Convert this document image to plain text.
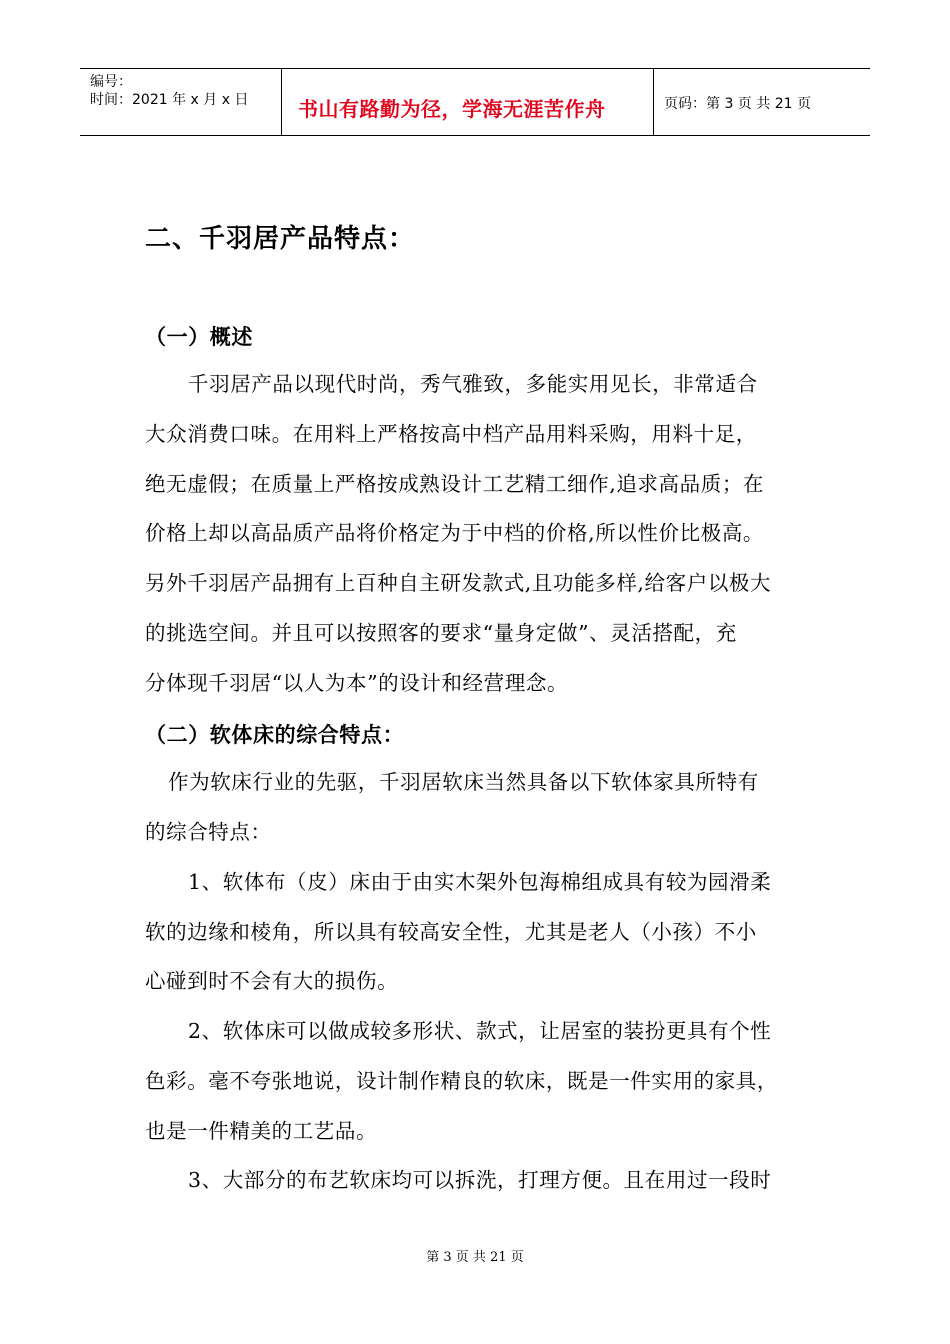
编号：
时间：2021 年 x 月 x 日 书山有路勤为径，学海无涯苦作舟	页码：第 3 页 共 21 页
二、千羽居产品特点：
（一）概述
千羽居产品以现代时尚，秀气雅致，多能实用见长，非常适合
大众消费口味。在用料上严格按高中档产品用料采购，用料十足，
绝无虚假；在质量上严格按成熟设计工艺精工细作,追求高品质；在
价格上却以高品质产品将价格定为于中档的价格,所以性价比极高。
另外千羽居产品拥有上百种自主研发款式,且功能多样,给客户以极大
的挑选空间。并且可以按照客的要求“量身定做”、灵活搭配，充
分体现千羽居“以人为本”的设计和经营理念。
（二）软体床的综合特点：
作为软床行业的先驱，千羽居软床当然具备以下软体家具所特有
的综合特点：
1、软体布（皮）床由于由实木架外包海棉组成具有较为园滑柔
软的边缘和棱角，所以具有较高安全性，尤其是老人（小孩）不小
心碰到时不会有大的损伤。
2、软体床可以做成较多形状、款式，让居室的装扮更具有个性
色彩。毫不夸张地说，设计制作精良的软床，既是一件实用的家具，
也是一件精美的工艺品。
3、大部分的布艺软床均可以拆洗，打理方便。且在用过一段时
第 3 页 共 21 页
